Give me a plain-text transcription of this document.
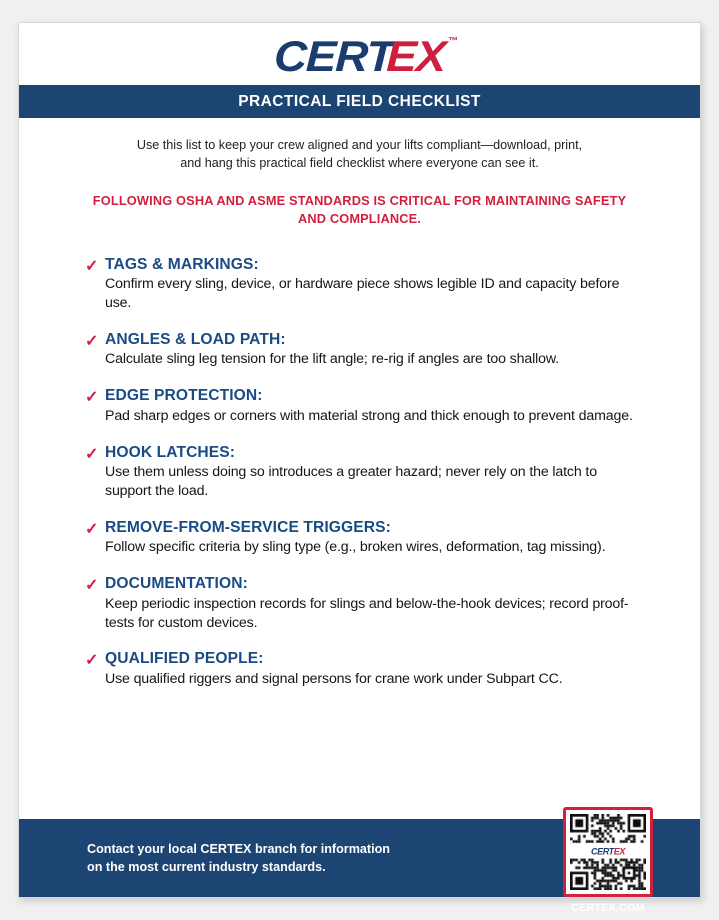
CERTEX ™
PRACTICAL FIELD CHECKLIST
Use this list to keep your crew aligned and your lifts compliant—download, print,
and hang this practical field checklist where everyone can see it.
FOLLOWING OSHA AND ASME STANDARDS IS CRITICAL FOR MAINTAINING SAFETY AND COMPLIANCE.
✓ TAGS & MARKINGS:
Confirm every sling, device, or hardware piece shows legible ID and capacity before use.
✓ ANGLES & LOAD PATH:
Calculate sling leg tension for the lift angle; re-rig if angles are too shallow.
✓ EDGE PROTECTION:
Pad sharp edges or corners with material strong and thick enough to prevent damage.
✓ HOOK LATCHES:
Use them unless doing so introduces a greater hazard; never rely on the latch to support the load.
✓ REMOVE-FROM-SERVICE TRIGGERS:
Follow specific criteria by sling type (e.g., broken wires, deformation, tag missing).
✓ DOCUMENTATION:
Keep periodic inspection records for slings and below-the-hook devices; record proof-tests for custom devices.
✓ QUALIFIED PEOPLE:
Use qualified riggers and signal persons for crane work under Subpart CC.
Contact your local CERTEX branch for information
on the most current industry standards.
CERTEX
CERTEX.COM
